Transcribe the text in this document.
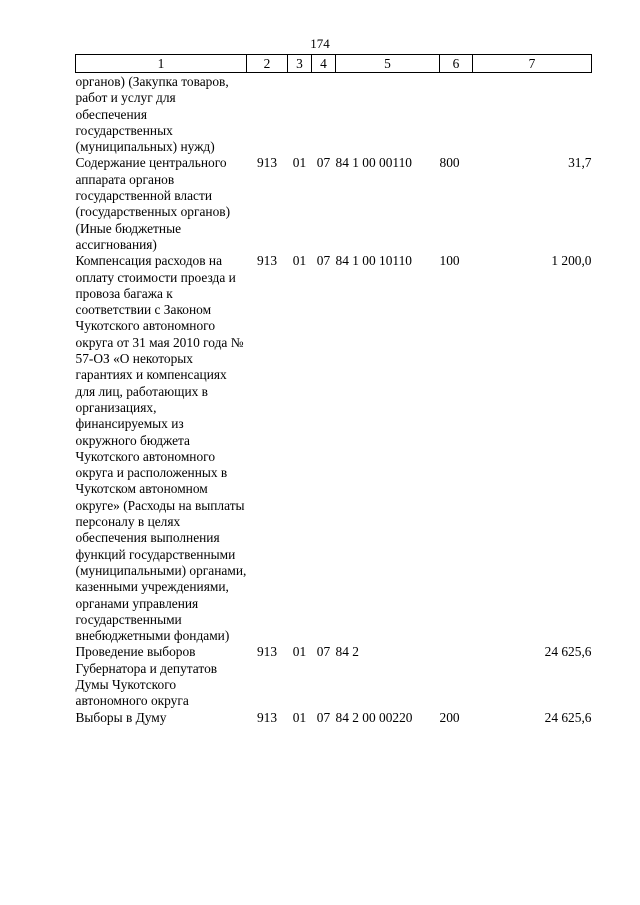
174
1	2	3	4	5	6	7
органов) (Закупка товаров, работ и услуг для обеспечения государственных (муниципальных) нужд)						
Содержание центрального аппарата органов государственной власти (государственных органов) (Иные бюджетные ассигнования)	913	01	07	84 1 00 00110	800	31,7
Компенсация расходов на оплату стоимости проезда и провоза багажа к соответствии с Законом Чукотского автономного округа от 31 мая 2010 года № 57-ОЗ «О некоторых гарантиях и компенсациях для лиц, работающих в организациях, финансируемых из окружного бюджета Чукотского автономного округа и расположенных в Чукотском автономном округе» (Расходы на выплаты персоналу в целях обеспечения выполнения функций государственными (муниципальными) органами, казенными учреждениями, органами управления государственными внебюджетными фондами)	913	01	07	84 1 00 10110	100	1 200,0
Проведение выборов Губернатора и депутатов Думы Чукотского автономного округа	913	01	07	84 2		24 625,6
Выборы в Думу	913	01	07	84 2 00 00220	200	24 625,6
